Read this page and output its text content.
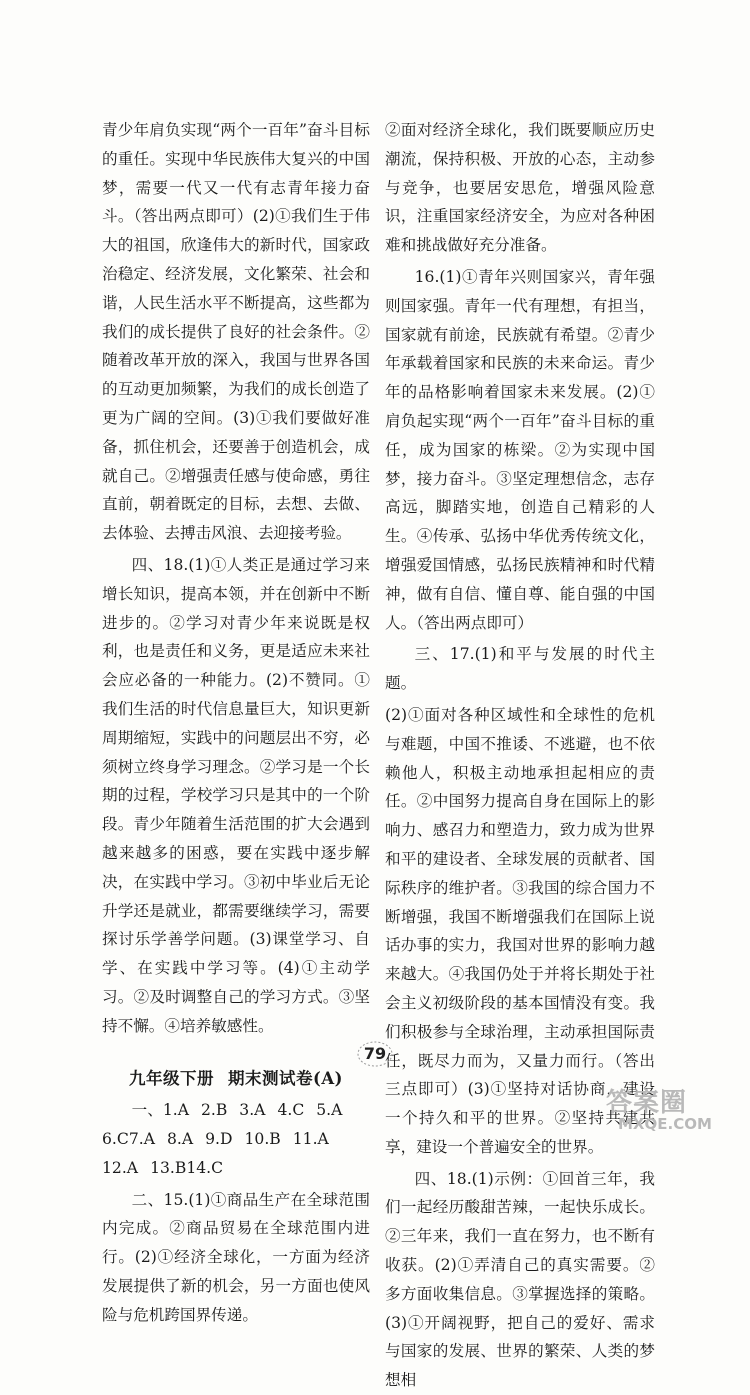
青少年肩负实现“两个一百年”奋斗目标的重任。实现中华民族伟大复兴的中国梦，需要一代又一代有志青年接力奋斗。（答出两点即可）(2)①我们生于伟大的祖国，欣逢伟大的新时代，国家政治稳定、经济发展，文化繁荣、社会和谐，人民生活水平不断提高，这些都为我们的成长提供了良好的社会条件。②随着改革开放的深入，我国与世界各国的互动更加频繁，为我们的成长创造了更为广阔的空间。(3)①我们要做好准备，抓住机会，还要善于创造机会，成就自己。②增强责任感与使命感，勇往直前，朝着既定的目标，去想、去做、去体验、去搏击风浪、去迎接考验。

四、18.(1)①人类正是通过学习来增长知识，提高本领，并在创新中不断进步的。②学习对青少年来说既是权利，也是责任和义务，更是适应未来社会应必备的一种能力。(2)不赞同。①我们生活的时代信息量巨大，知识更新周期缩短，实践中的问题层出不穷，必须树立终身学习理念。②学习是一个长期的过程，学校学习只是其中的一个阶段。青少年随着生活范围的扩大会遇到越来越多的困惑，要在实践中逐步解决，在实践中学习。③初中毕业后无论升学还是就业，都需要继续学习，需要探讨乐学善学问题。(3)课堂学习、自学、在实践中学习等。(4)①主动学习。②及时调整自己的学习方式。③坚持不懈。④培养敏感性。

九年级下册 期末测试卷(A)

一、1.A 2.B 3.A 4.C 5.A
6.C 7.A 8.A 9.D 10.B 11.A
12.A 13.B 14.C

二、15.(1)①商品生产在全球范围内完成。②商品贸易在全球范围内进行。(2)①经济全球化，一方面为经济发展提供了新的机会，另一方面也使风险与危机跨国界传递。

②面对经济全球化，我们既要顺应历史潮流，保持积极、开放的心态，主动参与竞争，也要居安思危，增强风险意识，注重国家经济安全，为应对各种困难和挑战做好充分准备。

16.(1)①青年兴则国家兴，青年强则国家强。青年一代有理想，有担当，国家就有前途，民族就有希望。②青少年承载着国家和民族的未来命运。青少年的品格影响着国家未来发展。(2)①肩负起实现“两个一百年”奋斗目标的重任，成为国家的栋梁。②为实现中国梦，接力奋斗。③坚定理想信念，志存高远，脚踏实地，创造自己精彩的人生。④传承、弘扬中华优秀传统文化，增强爱国情感，弘扬民族精神和时代精神，做有自信、懂自尊、能自强的中国人。（答出两点即可）

三、17.(1)和平与发展的时代主题。

(2)①面对各种区域性和全球性的危机与难题，中国不推诿、不逃避，也不依赖他人，积极主动地承担起相应的责任。②中国努力提高自身在国际上的影响力、感召力和塑造力，致力成为世界和平的建设者、全球发展的贡献者、国际秩序的维护者。③我国的综合国力不断增强，我国不断增强我们在国际上说话办事的实力，我国对世界的影响力越来越大。④我国仍处于并将长期处于社会主义初级阶段的基本国情没有变。我们积极参与全球治理，主动承担国际责任，既尽力而为，又量力而行。（答出三点即可）(3)①坚持对话协商，建设一个持久和平的世界。②坚持共建共享，建设一个普遍安全的世界。

四、18.(1)示例：①回首三年，我们一起经历酸甜苦辣，一起快乐成长。②三年来，我们一直在努力，也不断有收获。(2)①弄清自己的真实需要。②多方面收集信息。③掌握选择的策略。(3)①开阔视野，把自己的爱好、需求与国家的发展、世界的繁荣、人类的梦想相

79
答案圈
MXQE.COM
